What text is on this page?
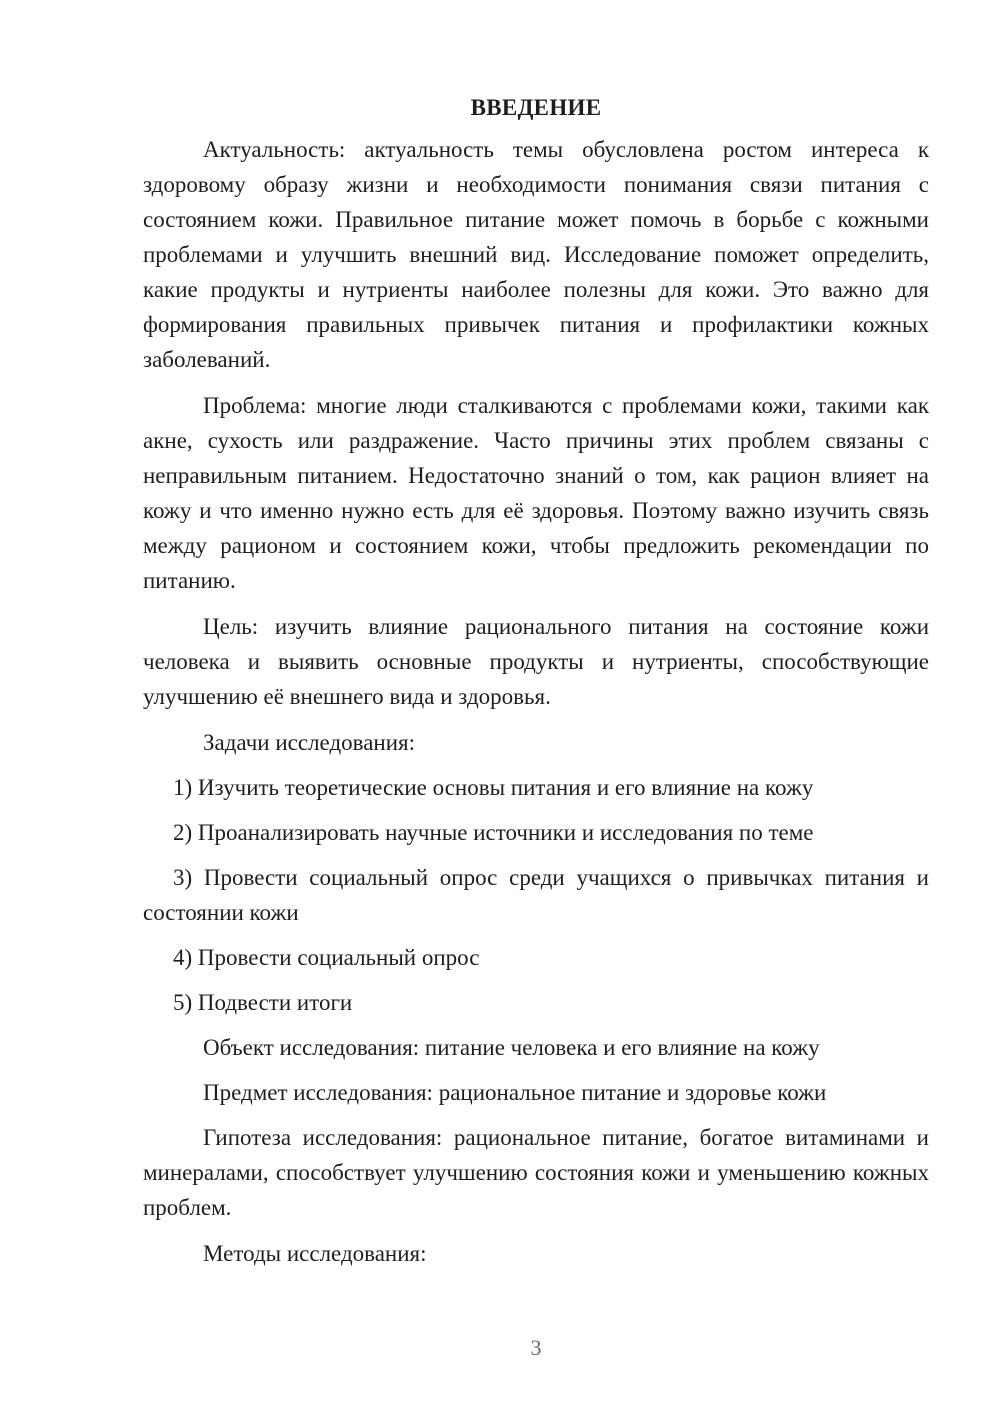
ВВЕДЕНИЕ

Актуальность: актуальность темы обусловлена ростом интереса к здоровому образу жизни и необходимости понимания связи питания с состоянием кожи. Правильное питание может помочь в борьбе с кожными проблемами и улучшить внешний вид. Исследование поможет определить, какие продукты и нутриенты наиболее полезны для кожи. Это важно для формирования правильных привычек питания и профилактики кожных заболеваний.

Проблема: многие люди сталкиваются с проблемами кожи, такими как акне, сухость или раздражение. Часто причины этих проблем связаны с неправильным питанием. Недостаточно знаний о том, как рацион влияет на кожу и что именно нужно есть для её здоровья. Поэтому важно изучить связь между рационом и состоянием кожи, чтобы предложить рекомендации по питанию.

Цель: изучить влияние рационального питания на состояние кожи человека и выявить основные продукты и нутриенты, способствующие улучшению её внешнего вида и здоровья.

Задачи исследования:

1) Изучить теоретические основы питания и его влияние на кожу

2) Проанализировать научные источники и исследования по теме

3) Провести социальный опрос среди учащихся о привычках питания и состоянии кожи

4) Провести социальный опрос

5) Подвести итоги

Объект исследования: питание человека и его влияние на кожу

Предмет исследования: рациональное питание и здоровье кожи

Гипотеза исследования: рациональное питание, богатое витаминами и минералами, способствует улучшению состояния кожи и уменьшению кожных проблем.

Методы исследования:

3
